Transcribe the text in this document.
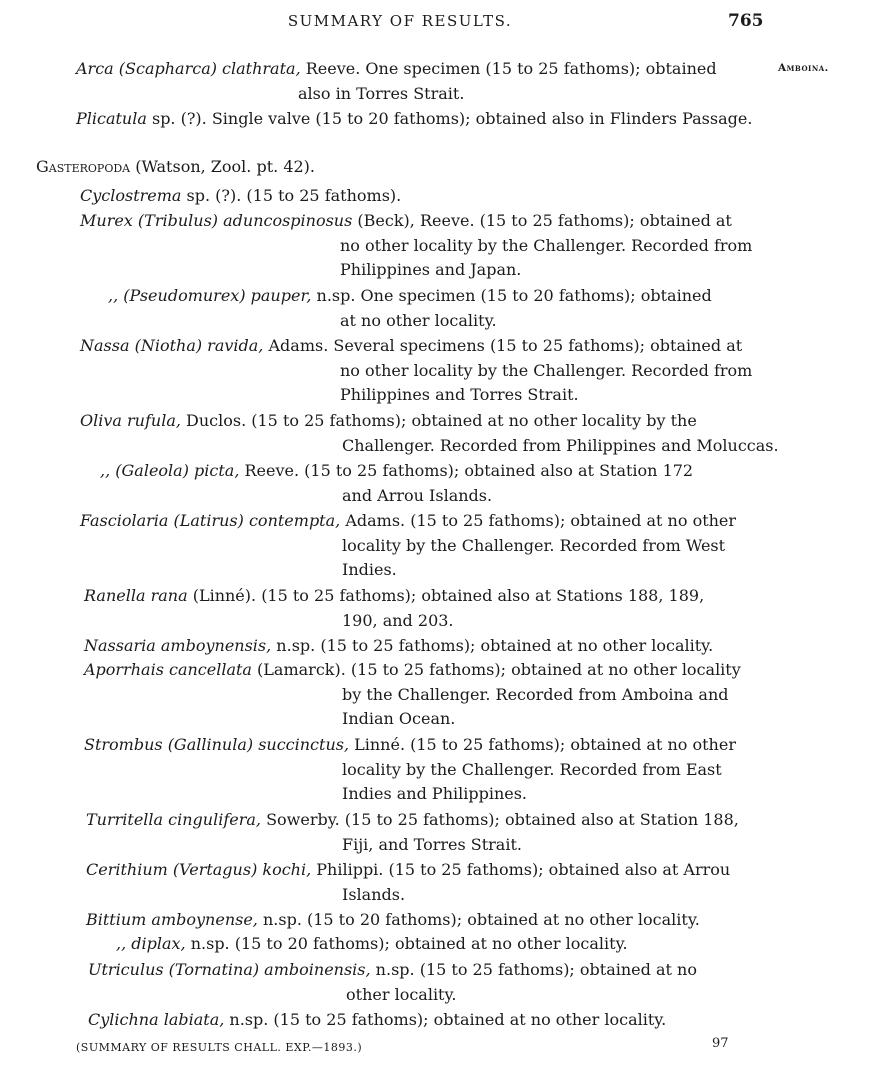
SUMMARY OF RESULTS.	765
Amboina.
Arca (Scapharca) clathrata, Reeve. One specimen (15 to 25 fathoms); obtained
also in Torres Strait.
Plicatula sp. (?). Single valve (15 to 20 fathoms); obtained also in Flinders Passage.
Gasteropoda (Watson, Zool. pt. 42).
Cyclostrema sp. (?). (15 to 25 fathoms).
Murex (Tribulus) aduncospinosus (Beck), Reeve. (15 to 25 fathoms); obtained at
no other locality by the Challenger. Recorded from Philippines and Japan.
,, (Pseudomurex) pauper, n.sp. One specimen (15 to 20 fathoms); obtained
at no other locality.
Nassa (Niotha) ravida, Adams. Several specimens (15 to 25 fathoms); obtained at
no other locality by the Challenger. Recorded from Philippines and Torres Strait.
Oliva rufula, Duclos. (15 to 25 fathoms); obtained at no other locality by the
Challenger. Recorded from Philippines and Moluccas.
,, (Galeola) picta, Reeve. (15 to 25 fathoms); obtained also at Station 172
and Arrou Islands.
Fasciolaria (Latirus) contempta, Adams. (15 to 25 fathoms); obtained at no other
locality by the Challenger. Recorded from West Indies.
Ranella rana (Linné). (15 to 25 fathoms); obtained also at Stations 188, 189,
190, and 203.
Nassaria amboynensis, n.sp. (15 to 25 fathoms); obtained at no other locality.
Aporrhais cancellata (Lamarck). (15 to 25 fathoms); obtained at no other locality
by the Challenger. Recorded from Amboina and Indian Ocean.
Strombus (Gallinula) succinctus, Linné. (15 to 25 fathoms); obtained at no other
locality by the Challenger. Recorded from East Indies and Philippines.
Turritella cingulifera, Sowerby. (15 to 25 fathoms); obtained also at Station 188,
Fiji, and Torres Strait.
Cerithium (Vertagus) kochi, Philippi. (15 to 25 fathoms); obtained also at Arrou
Islands.
Bittium amboynense, n.sp. (15 to 20 fathoms); obtained at no other locality.
,, diplax, n.sp. (15 to 20 fathoms); obtained at no other locality.
Utriculus (Tornatina) amboinensis, n.sp. (15 to 25 fathoms); obtained at no
other locality.
Cylichna labiata, n.sp. (15 to 25 fathoms); obtained at no other locality.
(SUMMARY OF RESULTS CHALL. EXP.—1893.)	97
